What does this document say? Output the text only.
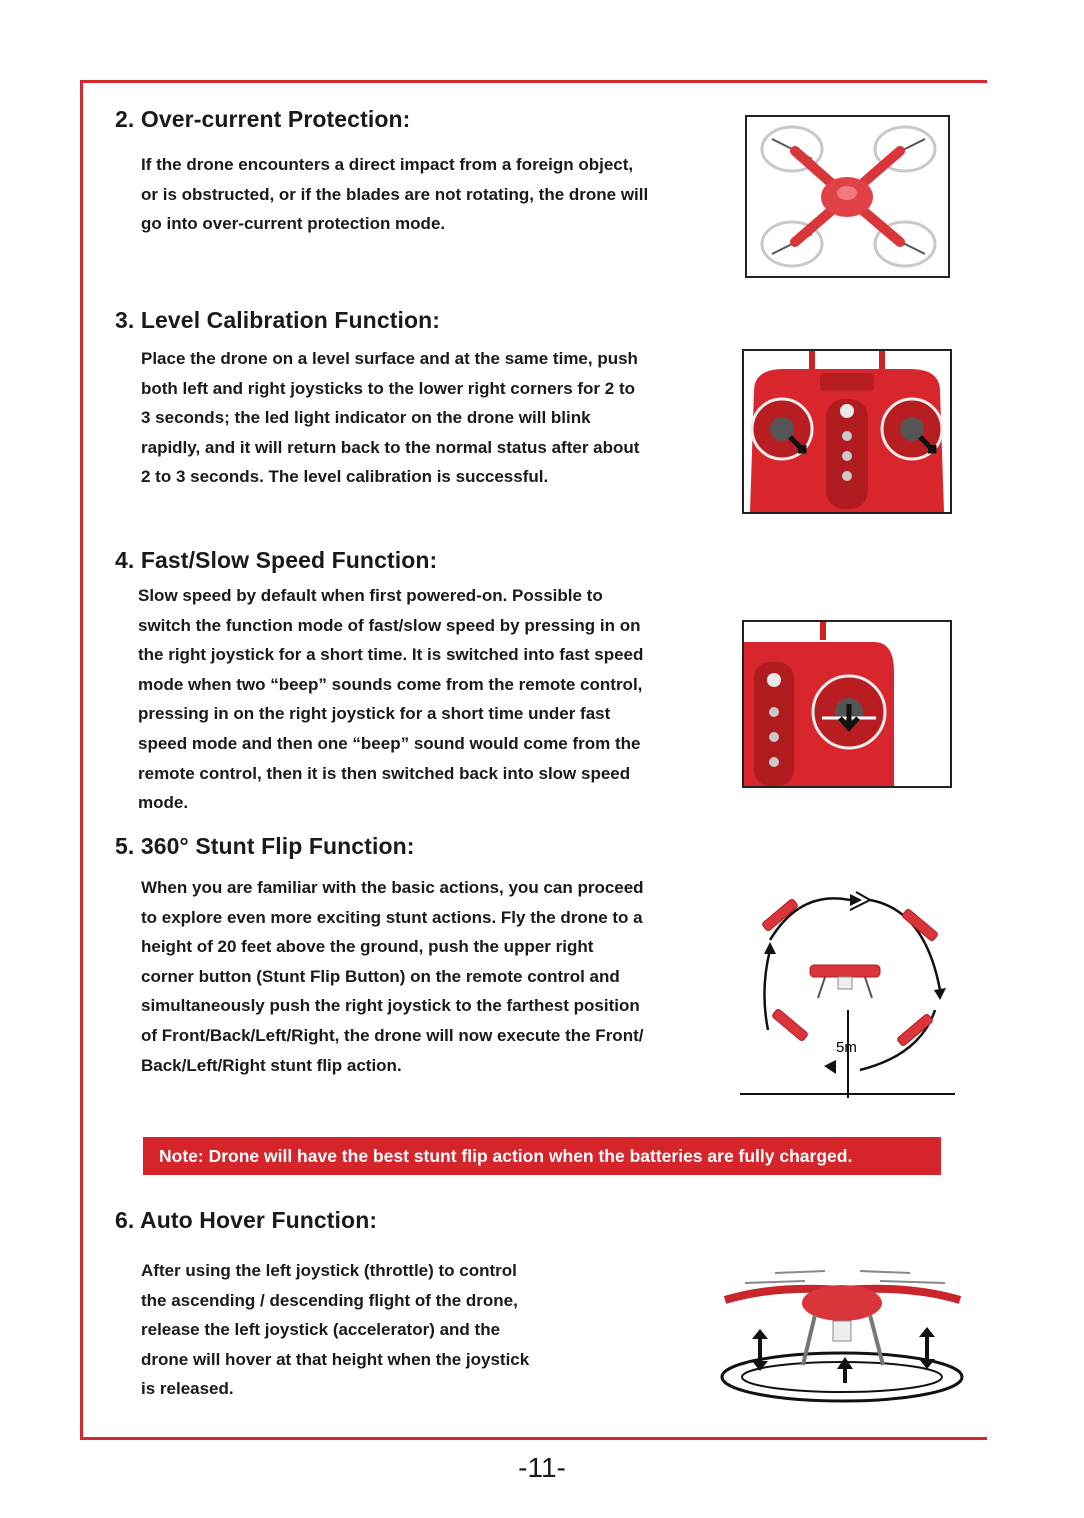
2. Over-current Protection:
If the drone encounters a direct impact from a foreign object,
or is obstructed, or if the blades are not rotating, the drone will
go into over-current protection mode.
3. Level Calibration Function:
Place the drone on a level surface and at the same time, push
both left and right joysticks to the lower right corners for 2 to
3 seconds; the led light indicator on the drone will blink
rapidly, and it will return back to the normal status after about
2 to 3 seconds. The level calibration is successful.
4. Fast/Slow Speed Function:
Slow speed by default when first powered-on. Possible to
switch the function mode of fast/slow speed by pressing in on
the right joystick for a short time. It is switched into fast speed
mode when two “beep” sounds come from the remote control,
pressing in on the right joystick for a short time under fast
speed mode and then one “beep” sound would come from the
remote control, then it is then switched back into slow speed
mode.
5. 360° Stunt Flip Function:
When you are familiar with the basic actions, you can proceed
to explore even more exciting stunt actions. Fly the drone to a
height of 20 feet above the ground, push the upper right
corner button (Stunt Flip Button) on the remote control and
simultaneously push the right joystick to the farthest position
of Front/Back/Left/Right, the drone will now execute the Front/
Back/Left/Right stunt flip action.
5m
Note: Drone will have the best stunt flip action when the batteries are fully charged.
6. Auto Hover Function:
After using the left joystick (throttle) to control
the ascending / descending flight of the drone,
release the left joystick (accelerator) and the
drone will hover at that height when the joystick
is released.
-11-
